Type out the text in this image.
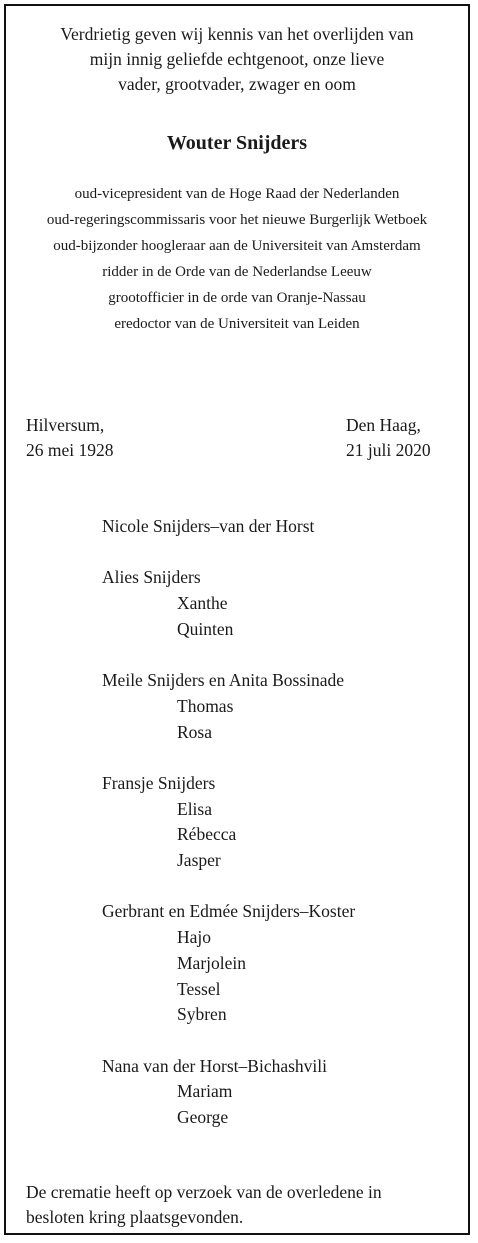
Verdrietig geven wij kennis van het overlijden van
mijn innig geliefde echtgenoot, onze lieve
vader, grootvader, zwager en oom
Wouter Snijders
oud-vicepresident van de Hoge Raad der Nederlanden
oud-regeringscommissaris voor het nieuwe Burgerlijk Wetboek
oud-bijzonder hoogleraar aan de Universiteit van Amsterdam
ridder in de Orde van de Nederlandse Leeuw
grootofficier in de orde van Oranje-Nassau
eredoctor van de Universiteit van Leiden
Hilversum,
26 mei 1928
Den Haag,
21 juli 2020
Nicole Snijders–van der Horst
Alies Snijders
Xanthe
Quinten
Meile Snijders en Anita Bossinade
Thomas
Rosa
Fransje Snijders
Elisa
Rébecca
Jasper
Gerbrant en Edmée Snijders–Koster
Hajo
Marjolein
Tessel
Sybren
Nana van der Horst–Bichashvili
Mariam
George
De crematie heeft op verzoek van de overledene in
besloten kring plaatsgevonden.
